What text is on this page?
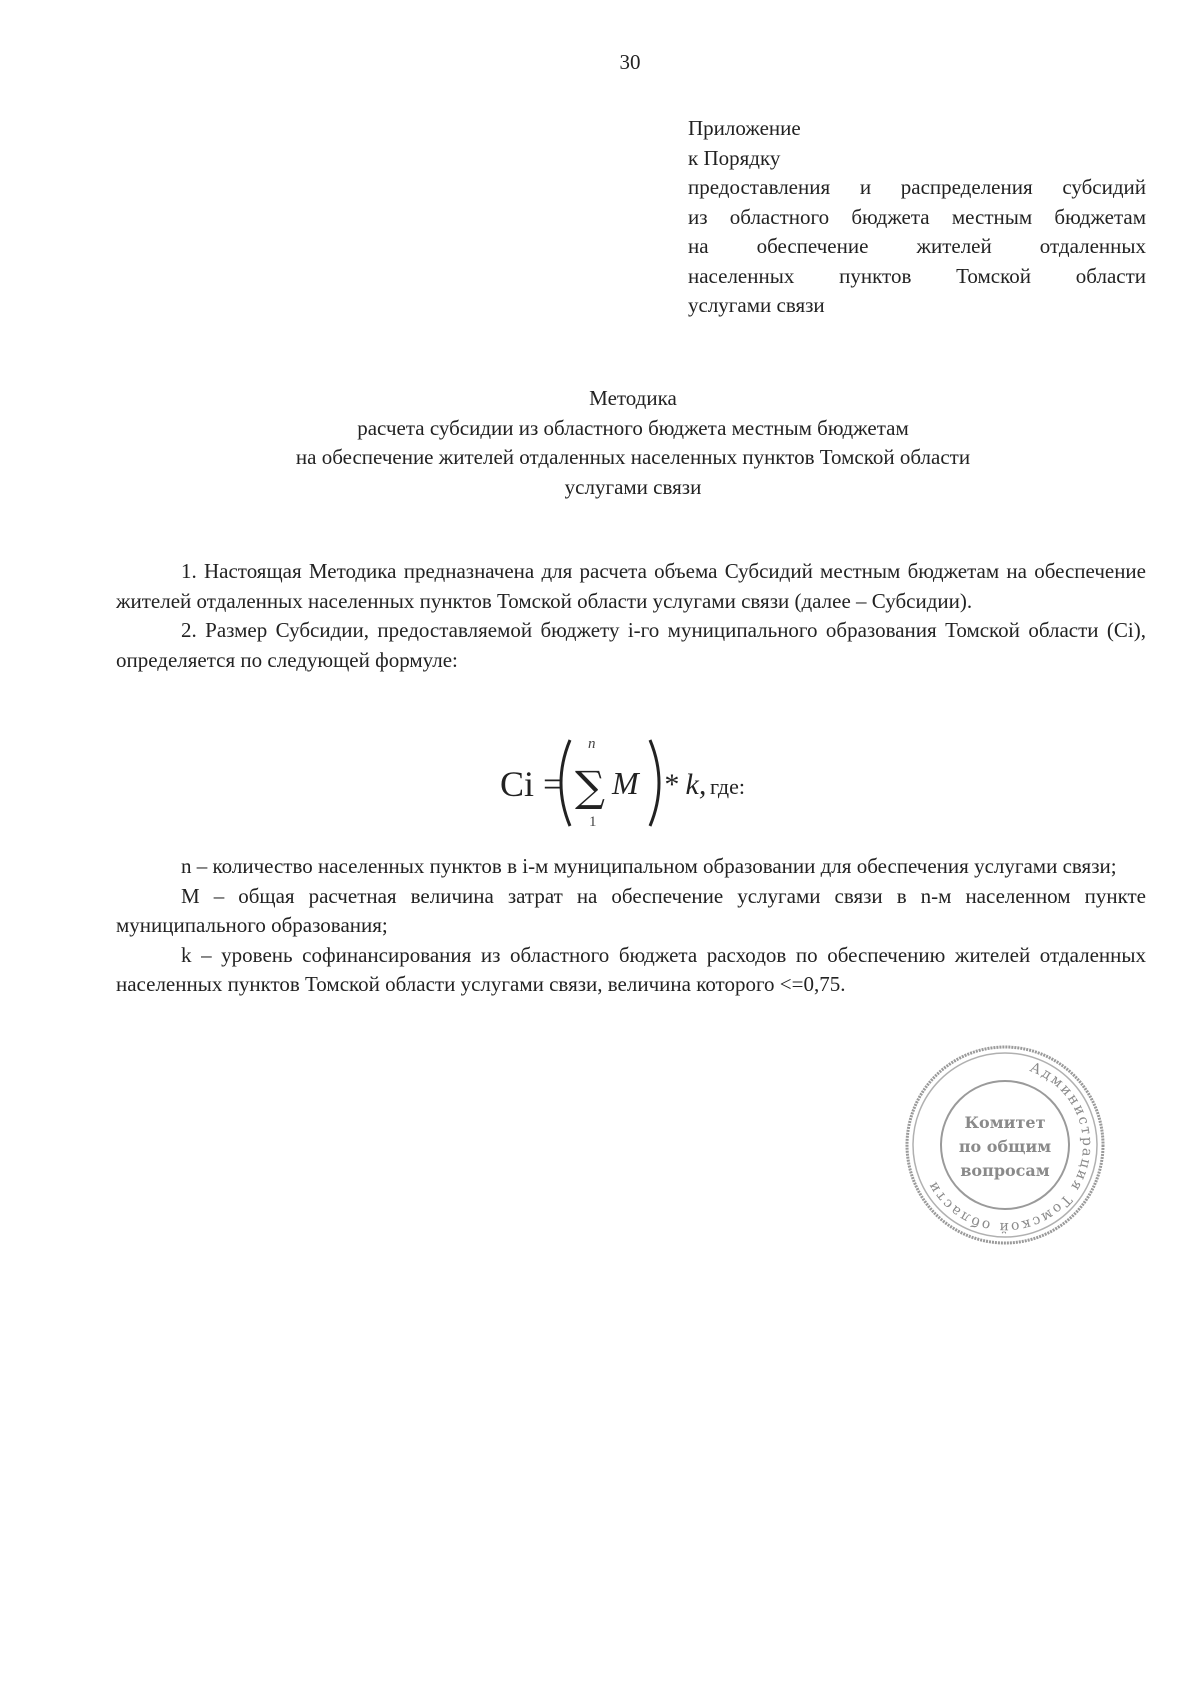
30
Приложение
к Порядку
предоставления и распределения субсидий
из областного бюджета местным бюджетам
на обеспечение жителей отдаленных
населенных пунктов Томской области
услугами связи
Методика
расчета субсидии из областного бюджета местным бюджетам
на обеспечение жителей отдаленных населенных пунктов Томской области
услугами связи

1. Настоящая Методика предназначена для расчета объема Субсидий местным бюджетам на обеспечение жителей отдаленных населенных пунктов Томской области услугами связи (далее – Субсидии).

2. Размер Субсидии, предоставляемой бюджету i-го муниципального образования Томской области (Ci), определяется по следующей формуле:

Ci =
n
∑
1
M * k, где:

n – количество населенных пунктов в i-м муниципальном образовании для обеспечения услугами связи;

M – общая расчетная величина затрат на обеспечение услугами связи в n-м населенном пункте муниципального образования;

k – уровень софинансирования из областного бюджета расходов по обеспечению жителей отдаленных населенных пунктов Томской области услугами связи, величина которого <=0,75.

Администрация Томской области
Комитет
по общим
вопросам
